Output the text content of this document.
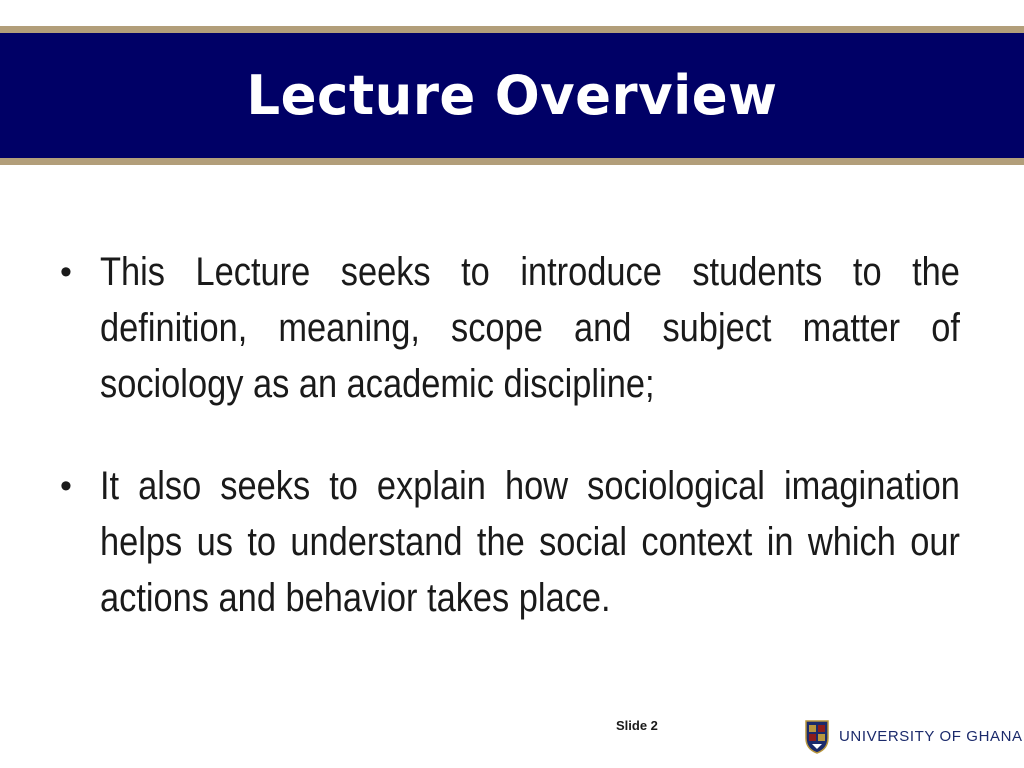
Lecture Overview
• This Lecture seeks to introduce students to the definition, meaning, scope and subject matter of sociology as an academic discipline;
• It also seeks to explain how sociological imagination helps us to understand the social context in which our actions and behavior takes place.
Slide 2
UNIVERSITY OF GHANA
